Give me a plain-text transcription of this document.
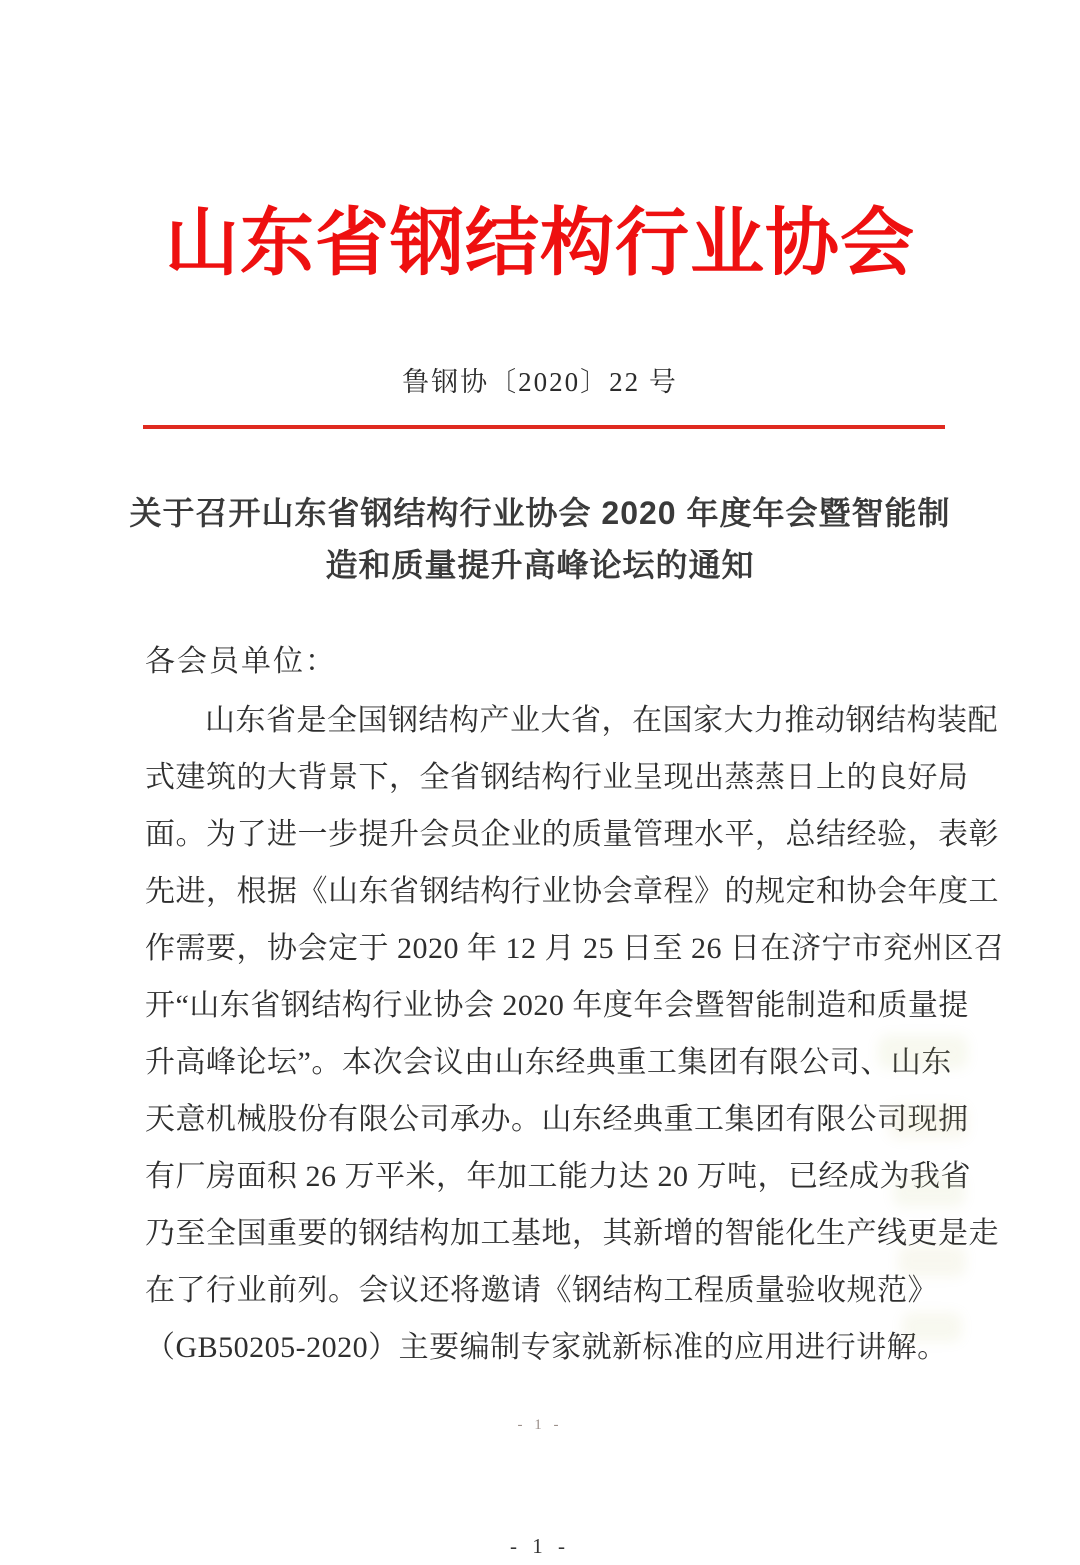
山东省钢结构行业协会
鲁钢协〔2020〕22 号
关于召开山东省钢结构行业协会 2020 年度年会暨智能制
造和质量提升高峰论坛的通知
各会员单位：
山东省是全国钢结构产业大省，在国家大力推动钢结构装配
式建筑的大背景下，全省钢结构行业呈现出蒸蒸日上的良好局
面。为了进一步提升会员企业的质量管理水平，总结经验，表彰
先进，根据《山东省钢结构行业协会章程》的规定和协会年度工
作需要，协会定于 2020 年 12 月 25 日至 26 日在济宁市兖州区召
开“山东省钢结构行业协会 2020 年度年会暨智能制造和质量提
升高峰论坛”。本次会议由山东经典重工集团有限公司、山东
天意机械股份有限公司承办。山东经典重工集团有限公司现拥
有厂房面积 26 万平米，年加工能力达 20 万吨，已经成为我省
乃至全国重要的钢结构加工基地，其新增的智能化生产线更是走
在了行业前列。会议还将邀请《钢结构工程质量验收规范》
（GB50205-2020）主要编制专家就新标准的应用进行讲解。
- 1 -
- 1 -
